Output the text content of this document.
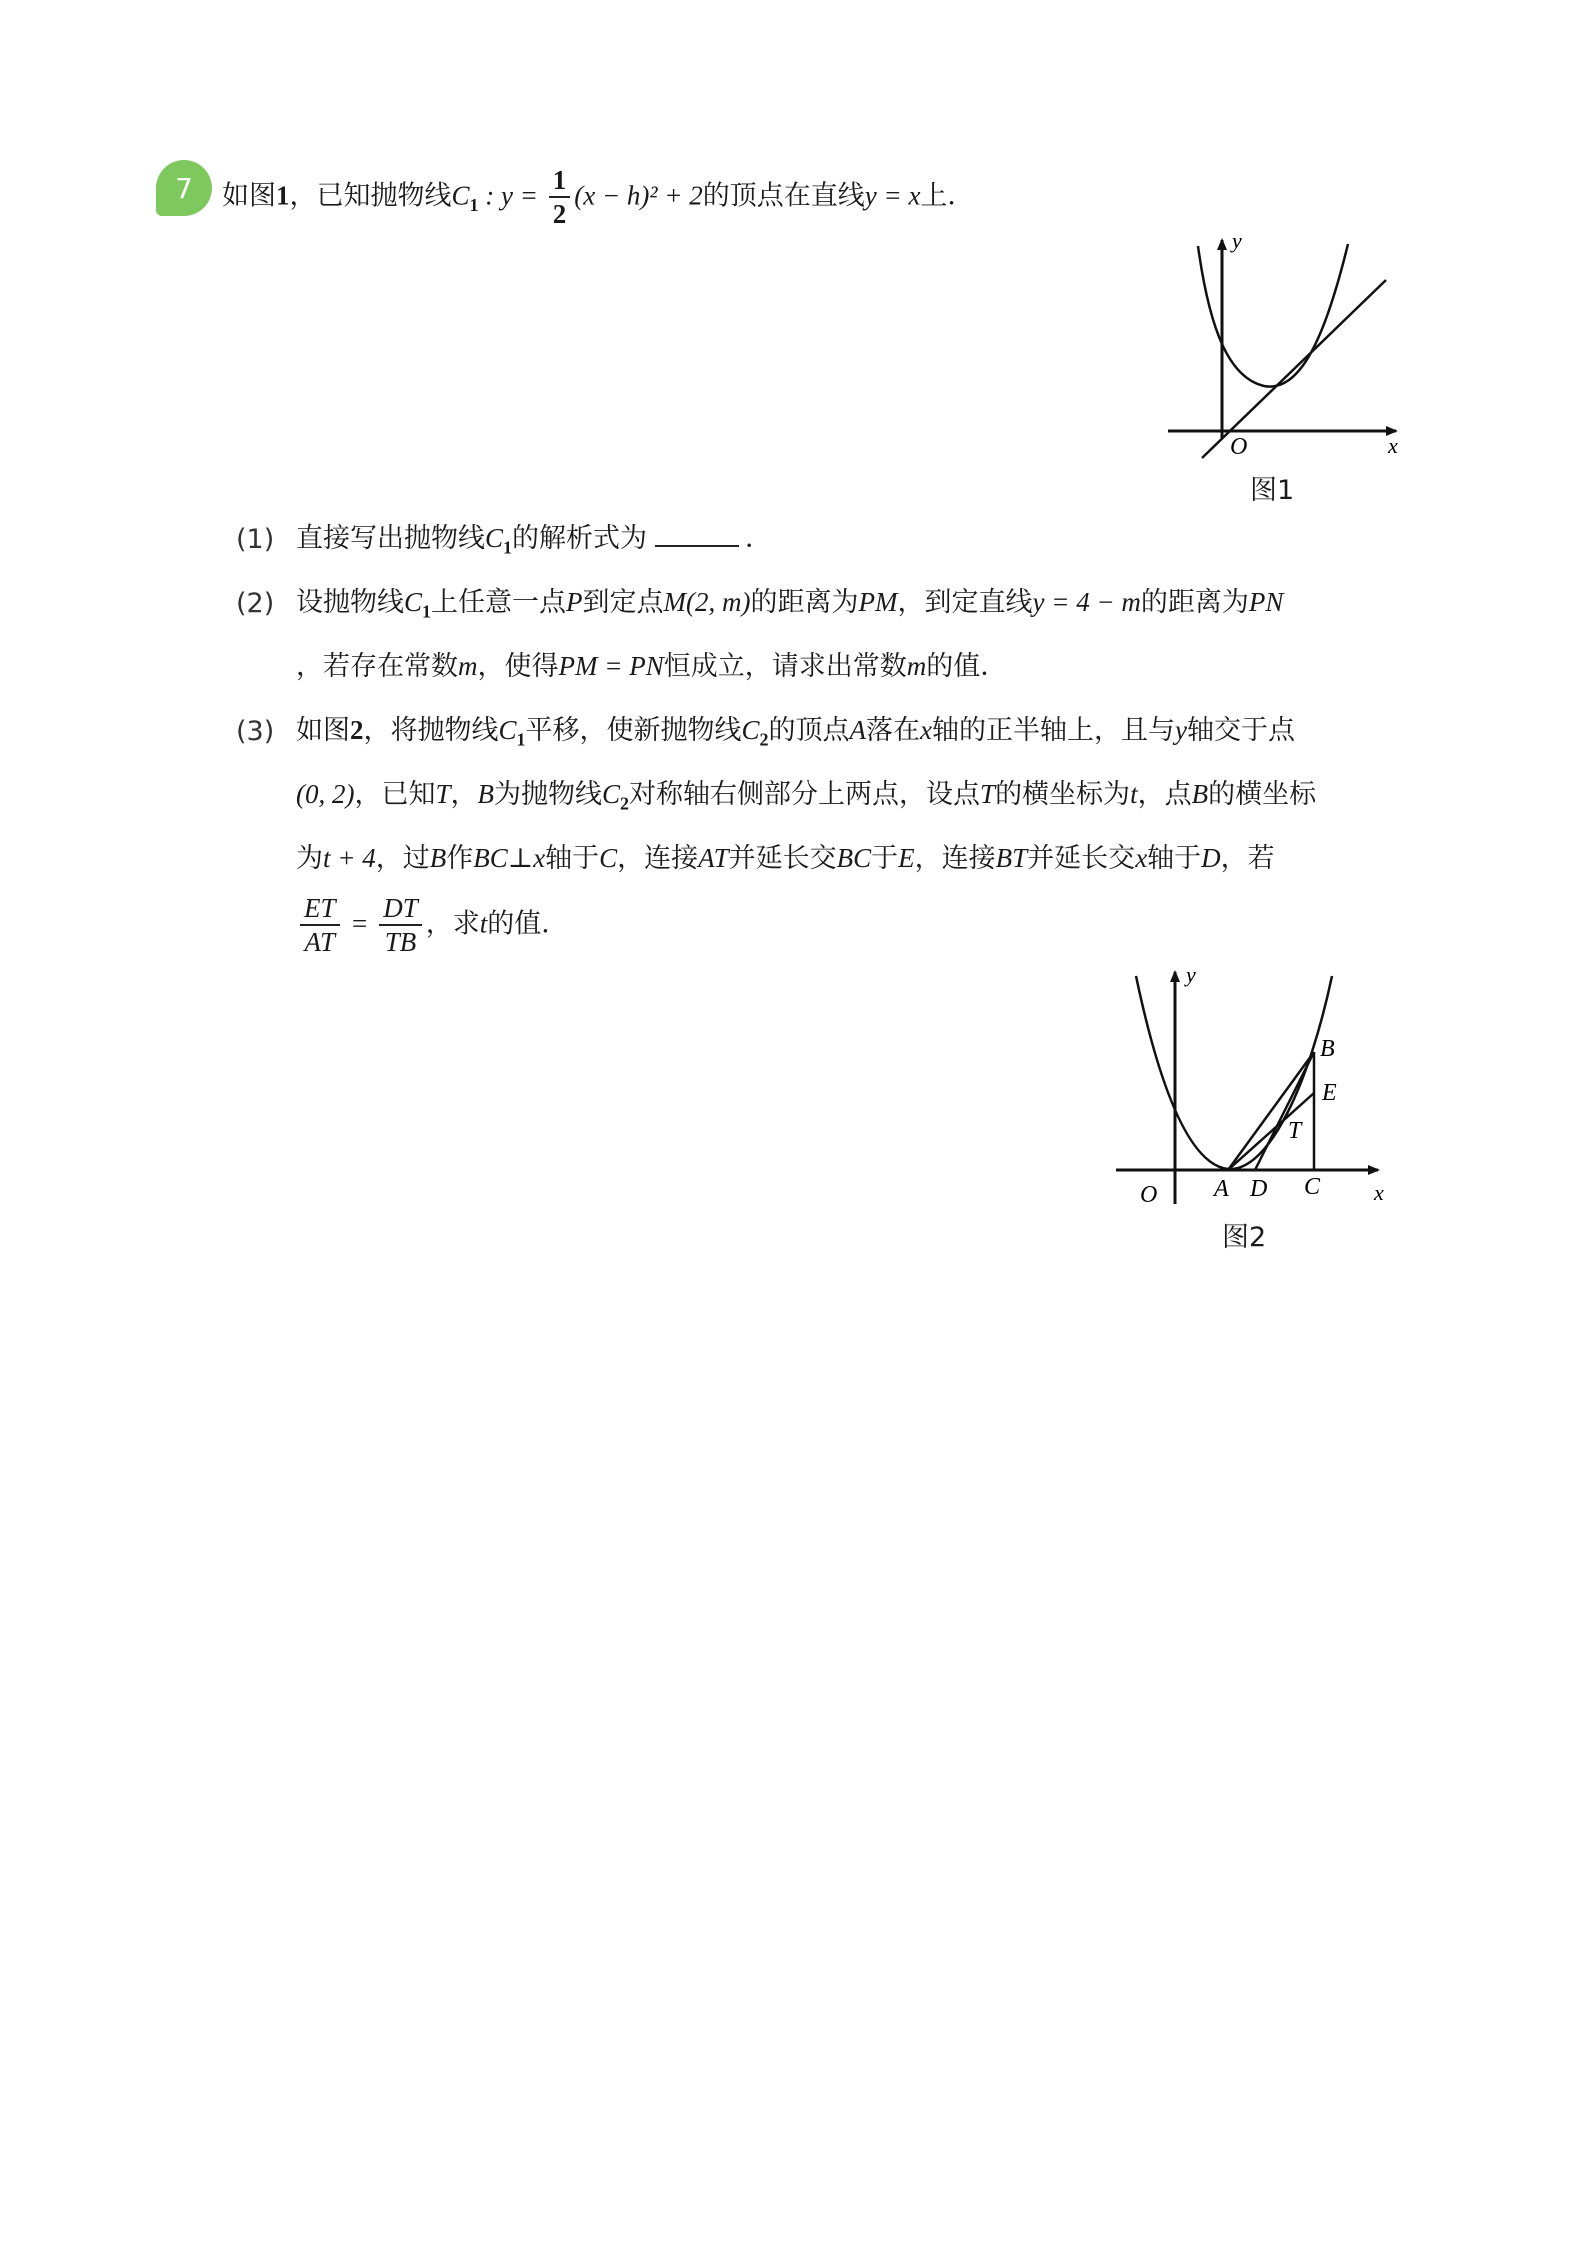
7 如图1，已知抛物线$C_1$ : $y = \frac{1}{2} (x - h)^2 + 2$的顶点在直线y = x上．
y
x
O
图1
(1) 直接写出抛物线$C_1$的解析式为	．
(2) 设抛物线$C_1$上任意一点P到定点M(2, m)的距离为PM，到定直线y = 4 − m的距离为PN
，若存在常数m，使得PM = PN恒成立，请求出常数m的值．
(3) 如图2，将抛物线$C_1$平移，使新抛物线$C_2$的顶点A落在x轴的正半轴上，且与y轴交于点
(0, 2)，已知T，B为抛物线$C_2$对称轴右侧部分上两点，设点T的横坐标为t，点B的横坐标
为t + 4，过B作BC⊥x轴于C，连接AT并延长交BC于E，连接BT并延长交x轴于D，若
$\frac{ET}{AT} = \frac{DT}{TB}$ ，求t的值．
y
x
O A D C
B
E
T
图2
